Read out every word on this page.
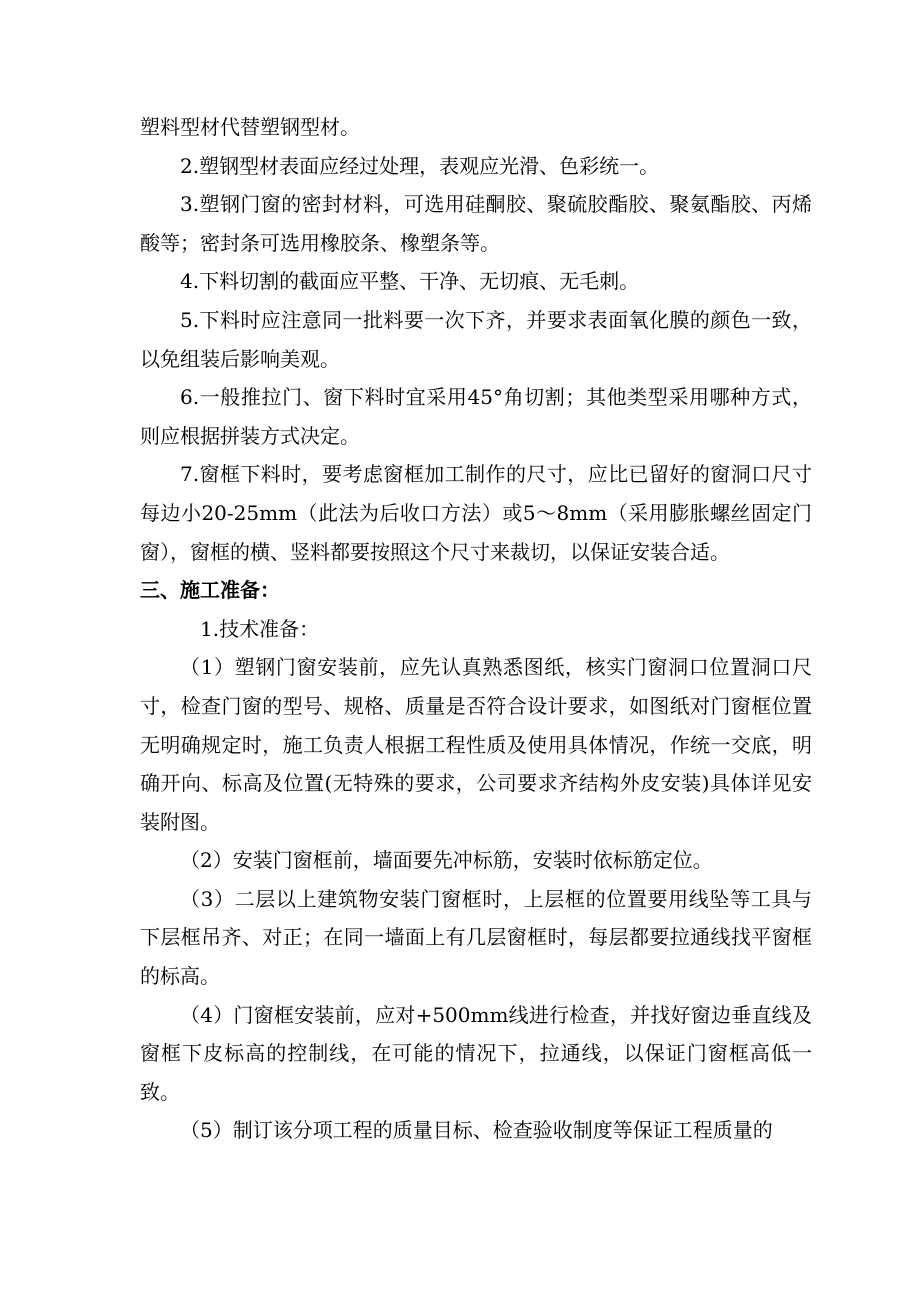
塑料型材代替塑钢型材。

2.塑钢型材表面应经过处理，表观应光滑、色彩统一。

3.塑钢门窗的密封材料，可选用硅酮胶、聚硫胶酯胶、聚氨酯胶、丙烯酸等；密封条可选用橡胶条、橡塑条等。

4.下料切割的截面应平整、干净、无切痕、无毛刺。

5.下料时应注意同一批料要一次下齐，并要求表面氧化膜的颜色一致，以免组装后影响美观。

6.一般推拉门、窗下料时宜采用45°角切割；其他类型采用哪种方式，则应根据拼装方式决定。

7.窗框下料时，要考虑窗框加工制作的尺寸，应比已留好的窗洞口尺寸每边小20-25mm（此法为后收口方法）或5～8mm（采用膨胀螺丝固定门窗），窗框的横、竖料都要按照这个尺寸来裁切，以保证安装合适。

三、施工准备：

1.技术准备：

（1）塑钢门窗安装前，应先认真熟悉图纸，核实门窗洞口位置洞口尺寸，检查门窗的型号、规格、质量是否符合设计要求，如图纸对门窗框位置无明确规定时，施工负责人根据工程性质及使用具体情况，作统一交底，明确开向、标高及位置(无特殊的要求，公司要求齐结构外皮安装)具体详见安装附图。

（2）安装门窗框前，墙面要先冲标筋，安装时依标筋定位。

（3）二层以上建筑物安装门窗框时，上层框的位置要用线坠等工具与下层框吊齐、对正；在同一墙面上有几层窗框时，每层都要拉通线找平窗框的标高。

（4）门窗框安装前，应对+500mm线进行检查，并找好窗边垂直线及窗框下皮标高的控制线，在可能的情况下，拉通线，以保证门窗框高低一致。

（5）制订该分项工程的质量目标、检查验收制度等保证工程质量的
